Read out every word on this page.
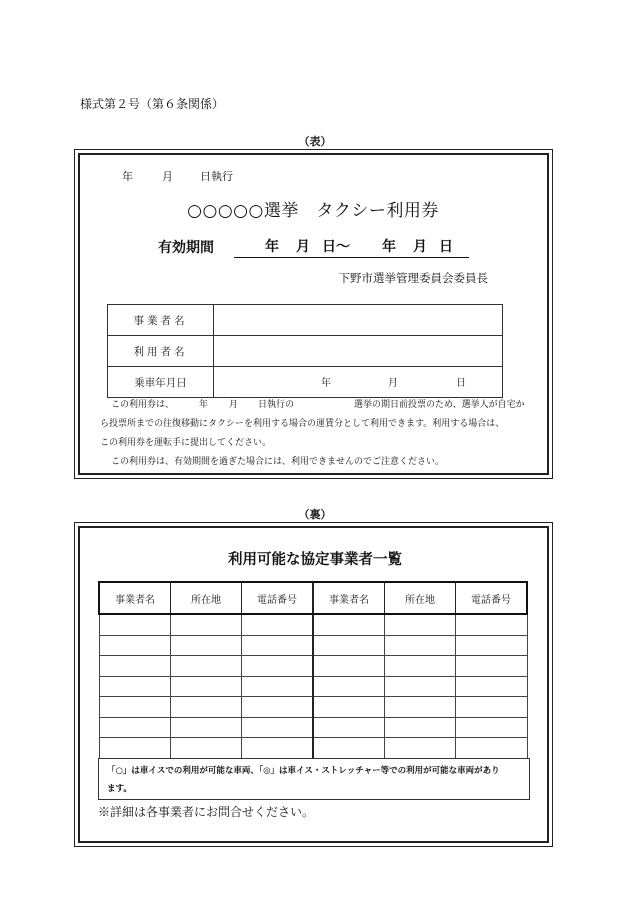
様式第２号（第６条関係）
（表）
年	月 日執行
○○○○○選挙　タクシー利用券
有効期間	年 月 日～ 年 月 日
下野市選挙管理委員会委員長
事業者名	
利用者名	
乗車年月日		年	月	日
この利用券は、	年 月 日執行の	選挙の期日前投票のため、選挙人が自宅か
ら投票所までの往復移動にタクシーを利用する場合の運賃分として利用できます。利用する場合は、
この利用券を運転手に提出してください。
この利用券は、有効期間を過ぎた場合には、利用できませんのでご注意ください。
（裏）
利用可能な協定事業者一覧
事業者名	所在地	電話番号	事業者名	所在地	電話番号

「○」は車イスでの利用が可能な車両、「◎」は車イス・ストレッチャー等での利用が可能な車両があり
ます。
※詳細は各事業者にお問合せください。
